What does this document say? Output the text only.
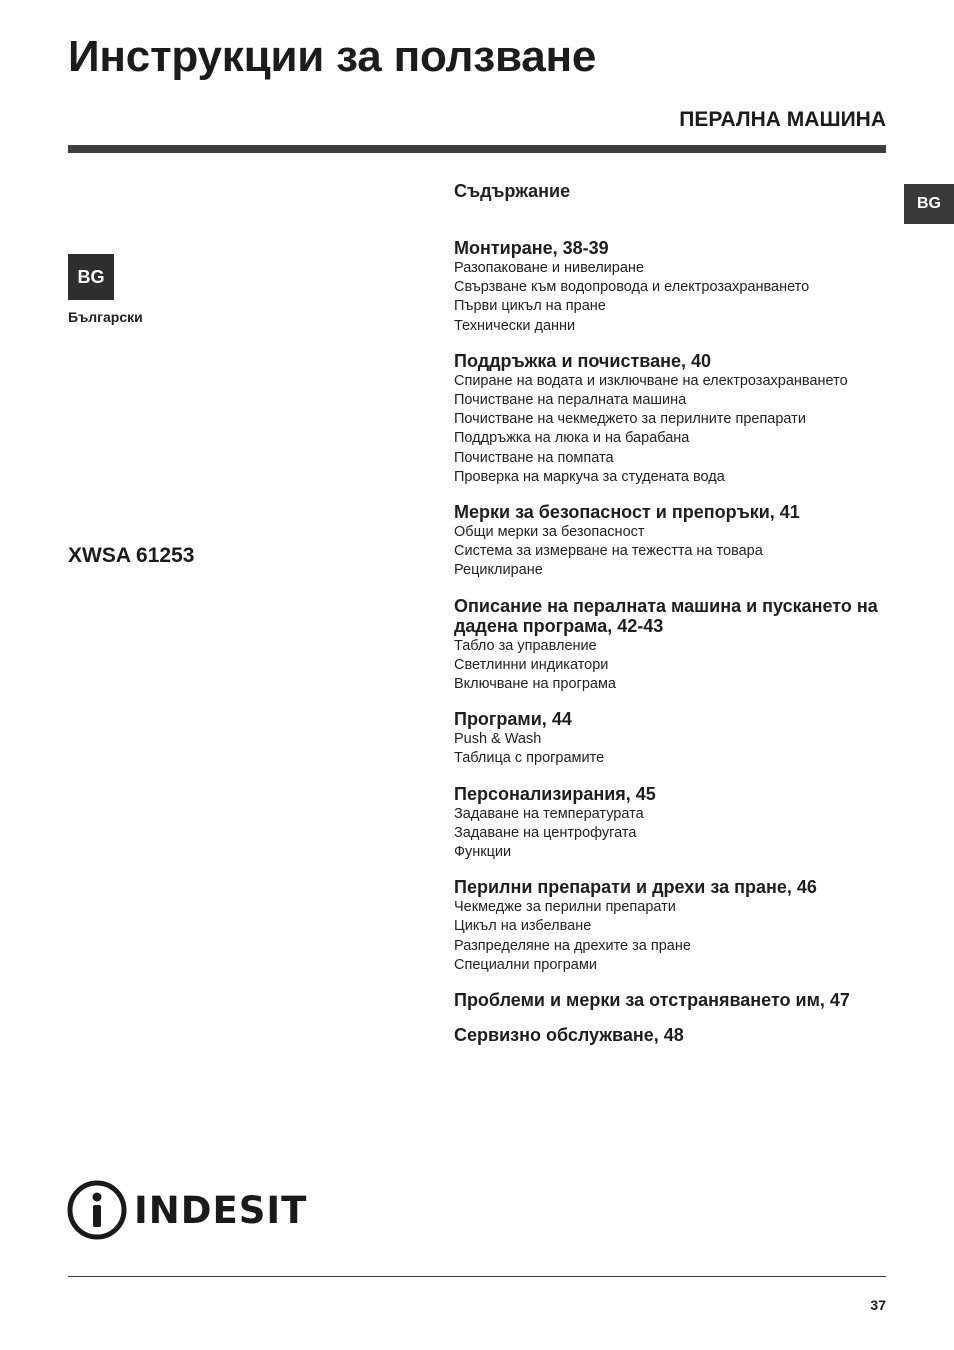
Инструкции за ползване
ПЕРАЛНА МАШИНА
BG
BG
Български
XWSA 61253
Съдържание
Монтиране, 38-39
Разопаковане и нивелиране
Свързване към водопровода и електрозахранването
Първи цикъл на пране
Технически данни
Поддръжка и почистване, 40
Спиране на водата и изключване на електрозахранването
Почистване на пералната машина
Почистване на чекмеджето за перилните препарати
Поддръжка на люка и на барабана
Почистване на помпата
Проверка на маркуча за студената вода
Мерки за безопасност и препоръки, 41
Общи мерки за безопасност
Система за измерване на тежестта на товара
Рециклиране
Описание на пералната машина и пускането на дадена програма, 42-43
Табло за управление
Светлинни индикатори
Включване на програма
Програми, 44
Push & Wash
Таблица с програмите
Персонализирания, 45
Задаване на температурата
Задаване на центрофугата
Функции
Перилни препарати и дрехи за пране, 46
Чекмедже за перилни препарати
Цикъл на избелване
Разпределяне на дрехите за пране
Специални програми
Проблеми и мерки за отстраняването им, 47
Сервизно обслужване, 48
INDESIT
37
